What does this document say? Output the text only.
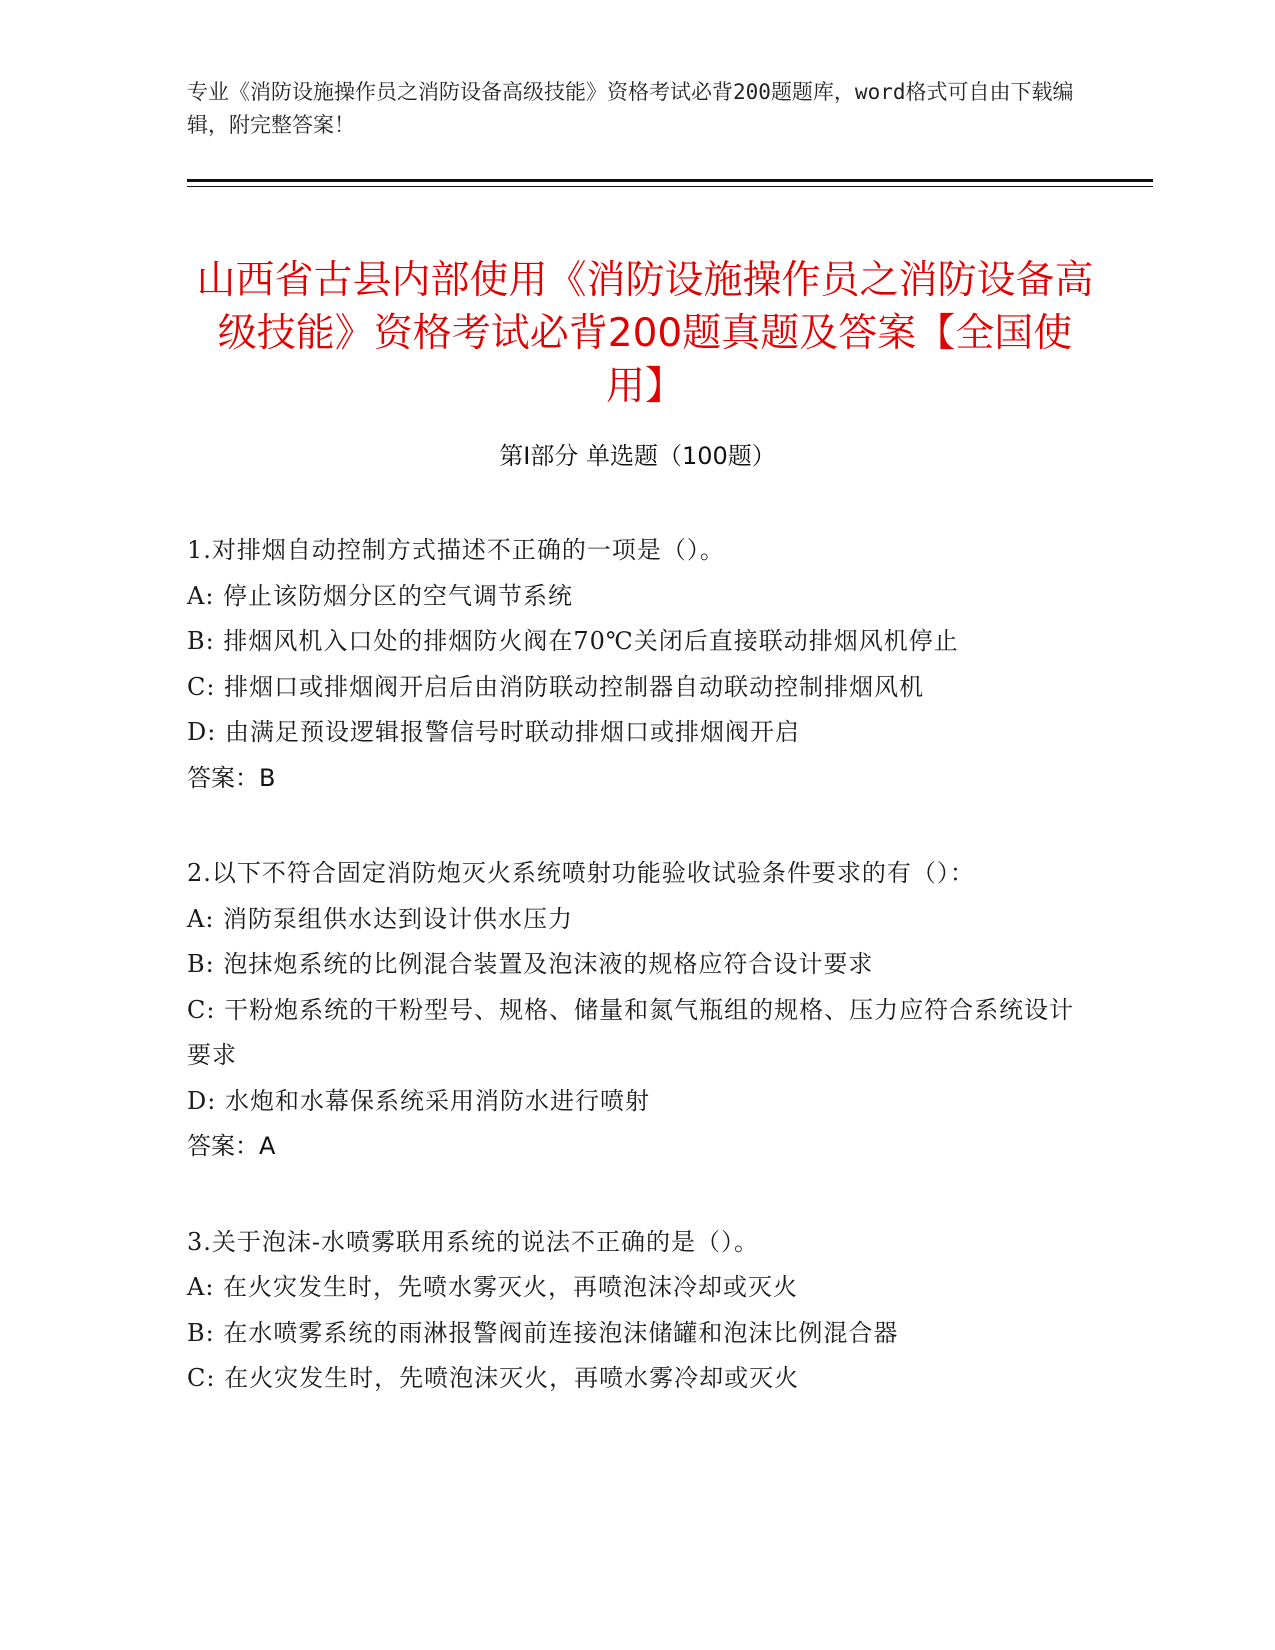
专业《消防设施操作员之消防设备高级技能》资格考试必背200题题库，word格式可自由下载编辑，附完整答案！
山西省古县内部使用《消防设施操作员之消防设备高级技能》资格考试必背200题真题及答案【全国使用】
第I部分 单选题（100题）
1.对排烟自动控制方式描述不正确的一项是（）。
A: 停止该防烟分区的空气调节系统
B: 排烟风机入口处的排烟防火阀在70℃关闭后直接联动排烟风机停止
C: 排烟口或排烟阀开启后由消防联动控制器自动联动控制排烟风机
D: 由满足预设逻辑报警信号时联动排烟口或排烟阀开启
答案：B
2.以下不符合固定消防炮灭火系统喷射功能验收试验条件要求的有（）：
A: 消防泵组供水达到设计供水压力
B: 泡抹炮系统的比例混合装置及泡沫液的规格应符合设计要求
C: 干粉炮系统的干粉型号、规格、储量和氮气瓶组的规格、压力应符合系统设计要求
D: 水炮和水幕保系统采用消防水进行喷射
答案：A
3.关于泡沫-水喷雾联用系统的说法不正确的是（）。
A: 在火灾发生时，先喷水雾灭火，再喷泡沫冷却或灭火
B: 在水喷雾系统的雨淋报警阀前连接泡沫储罐和泡沫比例混合器
C: 在火灾发生时，先喷泡沫灭火，再喷水雾冷却或灭火
